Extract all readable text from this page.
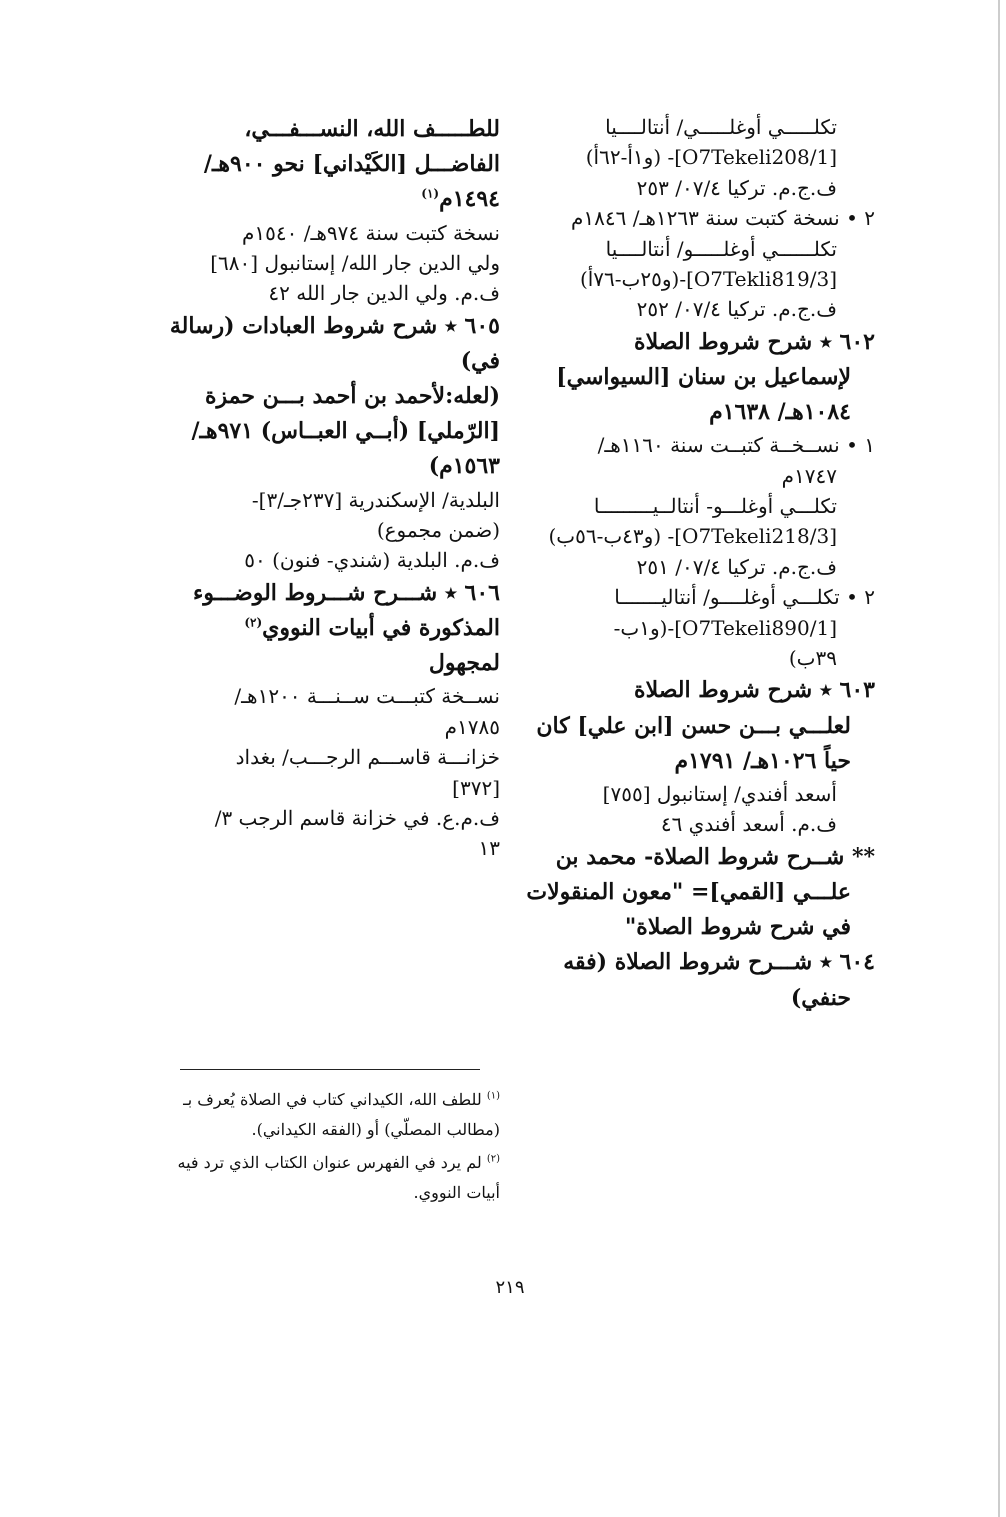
تكلـــــي أوغلـــــي/ أنتالــــيا

[O7Tekeli208/1]- (و١أ-٦٢أ)

ف.ج.م. تركيا ٠٧/٤/ ٢٥٣

٢ • نسخة كتبت سنة ١٢٦٣هـ/ ١٨٤٦م

تكلــــــي أوغلـــــو/ أنتالــــيا

[O7Tekli819/3]-(و٢٥ب-٧٦أ)

ف.ج.م. تركيا ٠٧/٤/ ٢٥٢

٦٠٢ ٭ شرح شروط الصلاة

لإسماعيل بن سنان [السيواسي]

١٠٨٤هـ/ ١٦٣٨م

١ • نســخــة كتبــت سنة ١١٦٠هـ/

١٧٤٧م

تكلـــي أوغلـــو- أنتالــيـــــــــا

[O7Tekeli218/3]- (و٤٣ب-٥٦ب)

ف.ج.م. تركيا ٠٧/٤/ ٢٥١

٢ • تكلـــي أوغلــــو/ أنتاليـــــــا

[O7Tekeli890/1]-(و١ب-

٣٩ب)

٦٠٣ ٭ شرح شروط الصلاة

لعلـــي بـــن حسن [ابن علي] كان

حياً ١٠٢٦هـ/ ١٧٩١م

أسعد أفندي/ إستانبول [٧٥٥]

ف.م. أسعد أفندي ٤٦

** شــرح شروط الصلاة- محمد بن

علـــي [القمي]= "معون المنقولات

في شرح شروط الصلاة"

٦٠٤ ٭ شـــرح شروط الصلاة (فقه

حنفي)

للطـــــف الله، النســـفـــي،

الفاضـــل [الكَيْداني] نحو ٩٠٠هـ/

١٤٩٤م$^{(١)}$

نسخة كتبت سنة ٩٧٤هـ/ ١٥٤٠م

ولي الدين جار الله/ إستانبول [٦٨٠]

ف.م. ولي الدين جار الله ٤٢

٦٠٥ ٭ شرح شروط العبادات (رسالة

في)

(لعله:لأحمد بن أحمد بـــن حمزة

[الرّملي] (أبــي العبــاس) ٩٧١هـ/

١٥٦٣م)

البلدية/ الإسكندرية [٢٣٧جـ/٣]-

(ضمن مجموع)

ف.م. البلدية (شندي- فنون) ٥٠

٦٠٦ ٭ شـــرح شـــروط الوضـــوء

المذكورة في أبيات النووي$^{(٢)}$

لمجهول

نســخة كتبـــت ســنـــة ١٢٠٠هـ/

١٧٨٥م

خزانـــة قاســـم الرجـــب/ بغداد

[٣٧٢]

ف.م.ع. في خزانة قاسم الرجب ٣/

١٣

$^{(١)}$ للطف الله، الكيداني كتاب في الصلاة يُعرف بـ (مطالب المصلّي) أو (الفقه الكيداني).

$^{(٢)}$ لم يرد في الفهرس عنوان الكتاب الذي ترد فيه أبيات النووي.

٢١٩
